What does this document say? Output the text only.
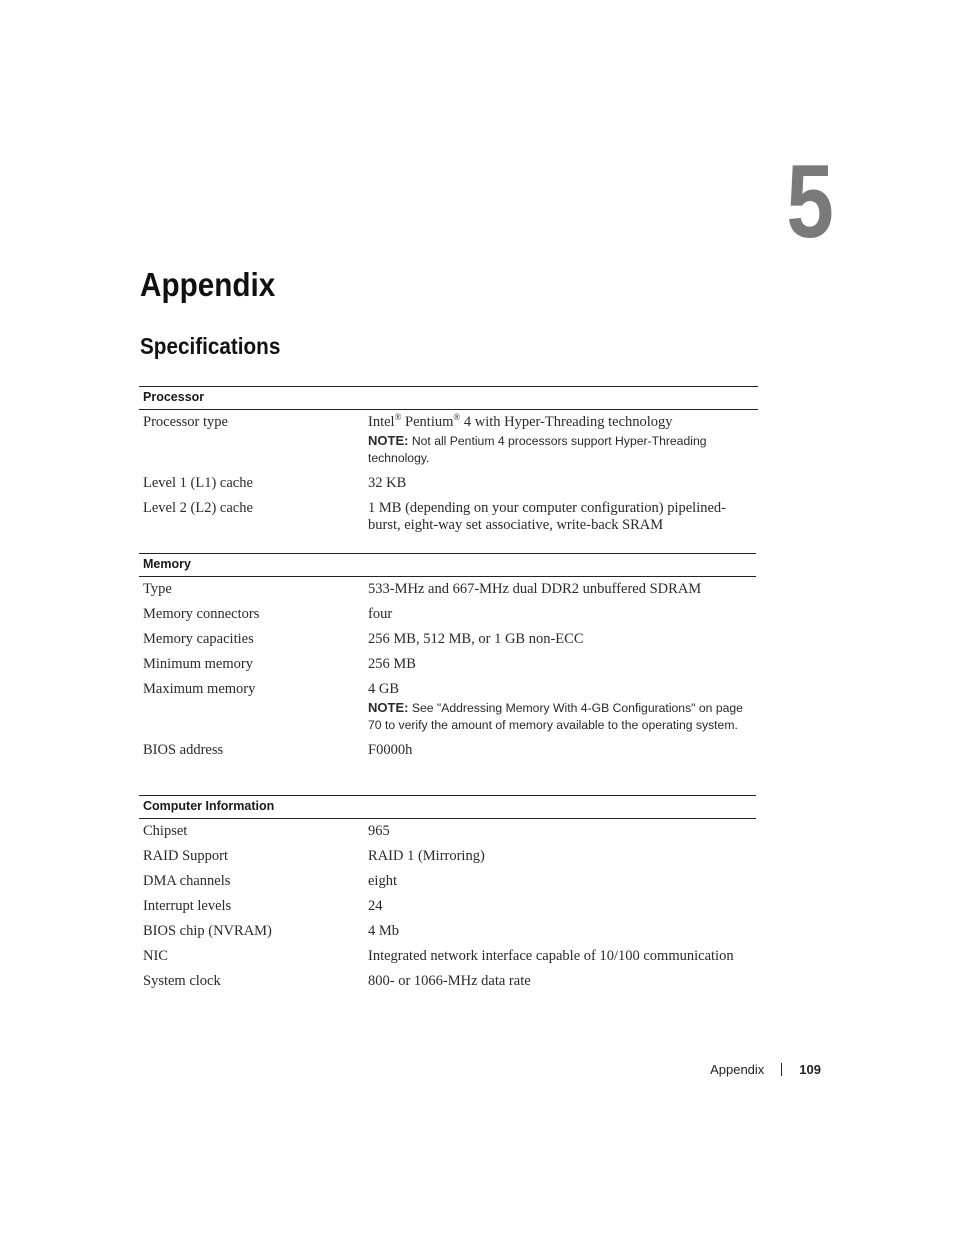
5
Appendix
Specifications
Processor
Processor type	Intel® Pentium® 4 with Hyper-Threading technology
NOTE: Not all Pentium 4 processors support Hyper-Threading technology.
Level 1 (L1) cache	32 KB
Level 2 (L2) cache	1 MB (depending on your computer configuration) pipelined-burst, eight-way set associative, write-back SRAM
Memory
Type	533-MHz and 667-MHz dual DDR2 unbuffered SDRAM
Memory connectors	four
Memory capacities	256 MB, 512 MB, or 1 GB non-ECC
Minimum memory	256 MB
Maximum memory	4 GB
NOTE: See "Addressing Memory With 4-GB Configurations" on page 70 to verify the amount of memory available to the operating system.
BIOS address	F0000h
Computer Information
Chipset	965
RAID Support	RAID 1 (Mirroring)
DMA channels	eight
Interrupt levels	24
BIOS chip (NVRAM)	4 Mb
NIC	Integrated network interface capable of 10/100 communication
System clock	800- or 1066-MHz data rate
Appendix	109
